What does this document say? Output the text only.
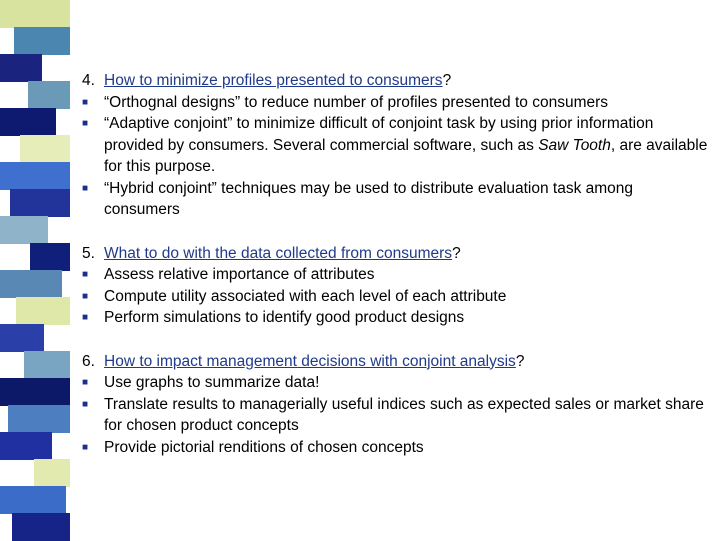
4. How to minimize profiles presented to consumers?
■
“Orthognal designs” to reduce number of profiles presented to consumers
■
“Adaptive conjoint” to minimize difficult of conjoint task by using prior information provided by consumers. Several commercial software, such as Saw Tooth, are available for this purpose.
■
“Hybrid conjoint” techniques may be used to distribute evaluation task among consumers
5. What to do with the data collected from consumers?
■
Assess relative importance of attributes
■
Compute utility associated with each level of each attribute
■
Perform simulations to identify good product designs
6. How to impact management decisions with conjoint analysis?
■
Use graphs to summarize data!
■
Translate results to managerially useful indices such as expected sales or market share for chosen product concepts
■
Provide pictorial renditions of chosen concepts
